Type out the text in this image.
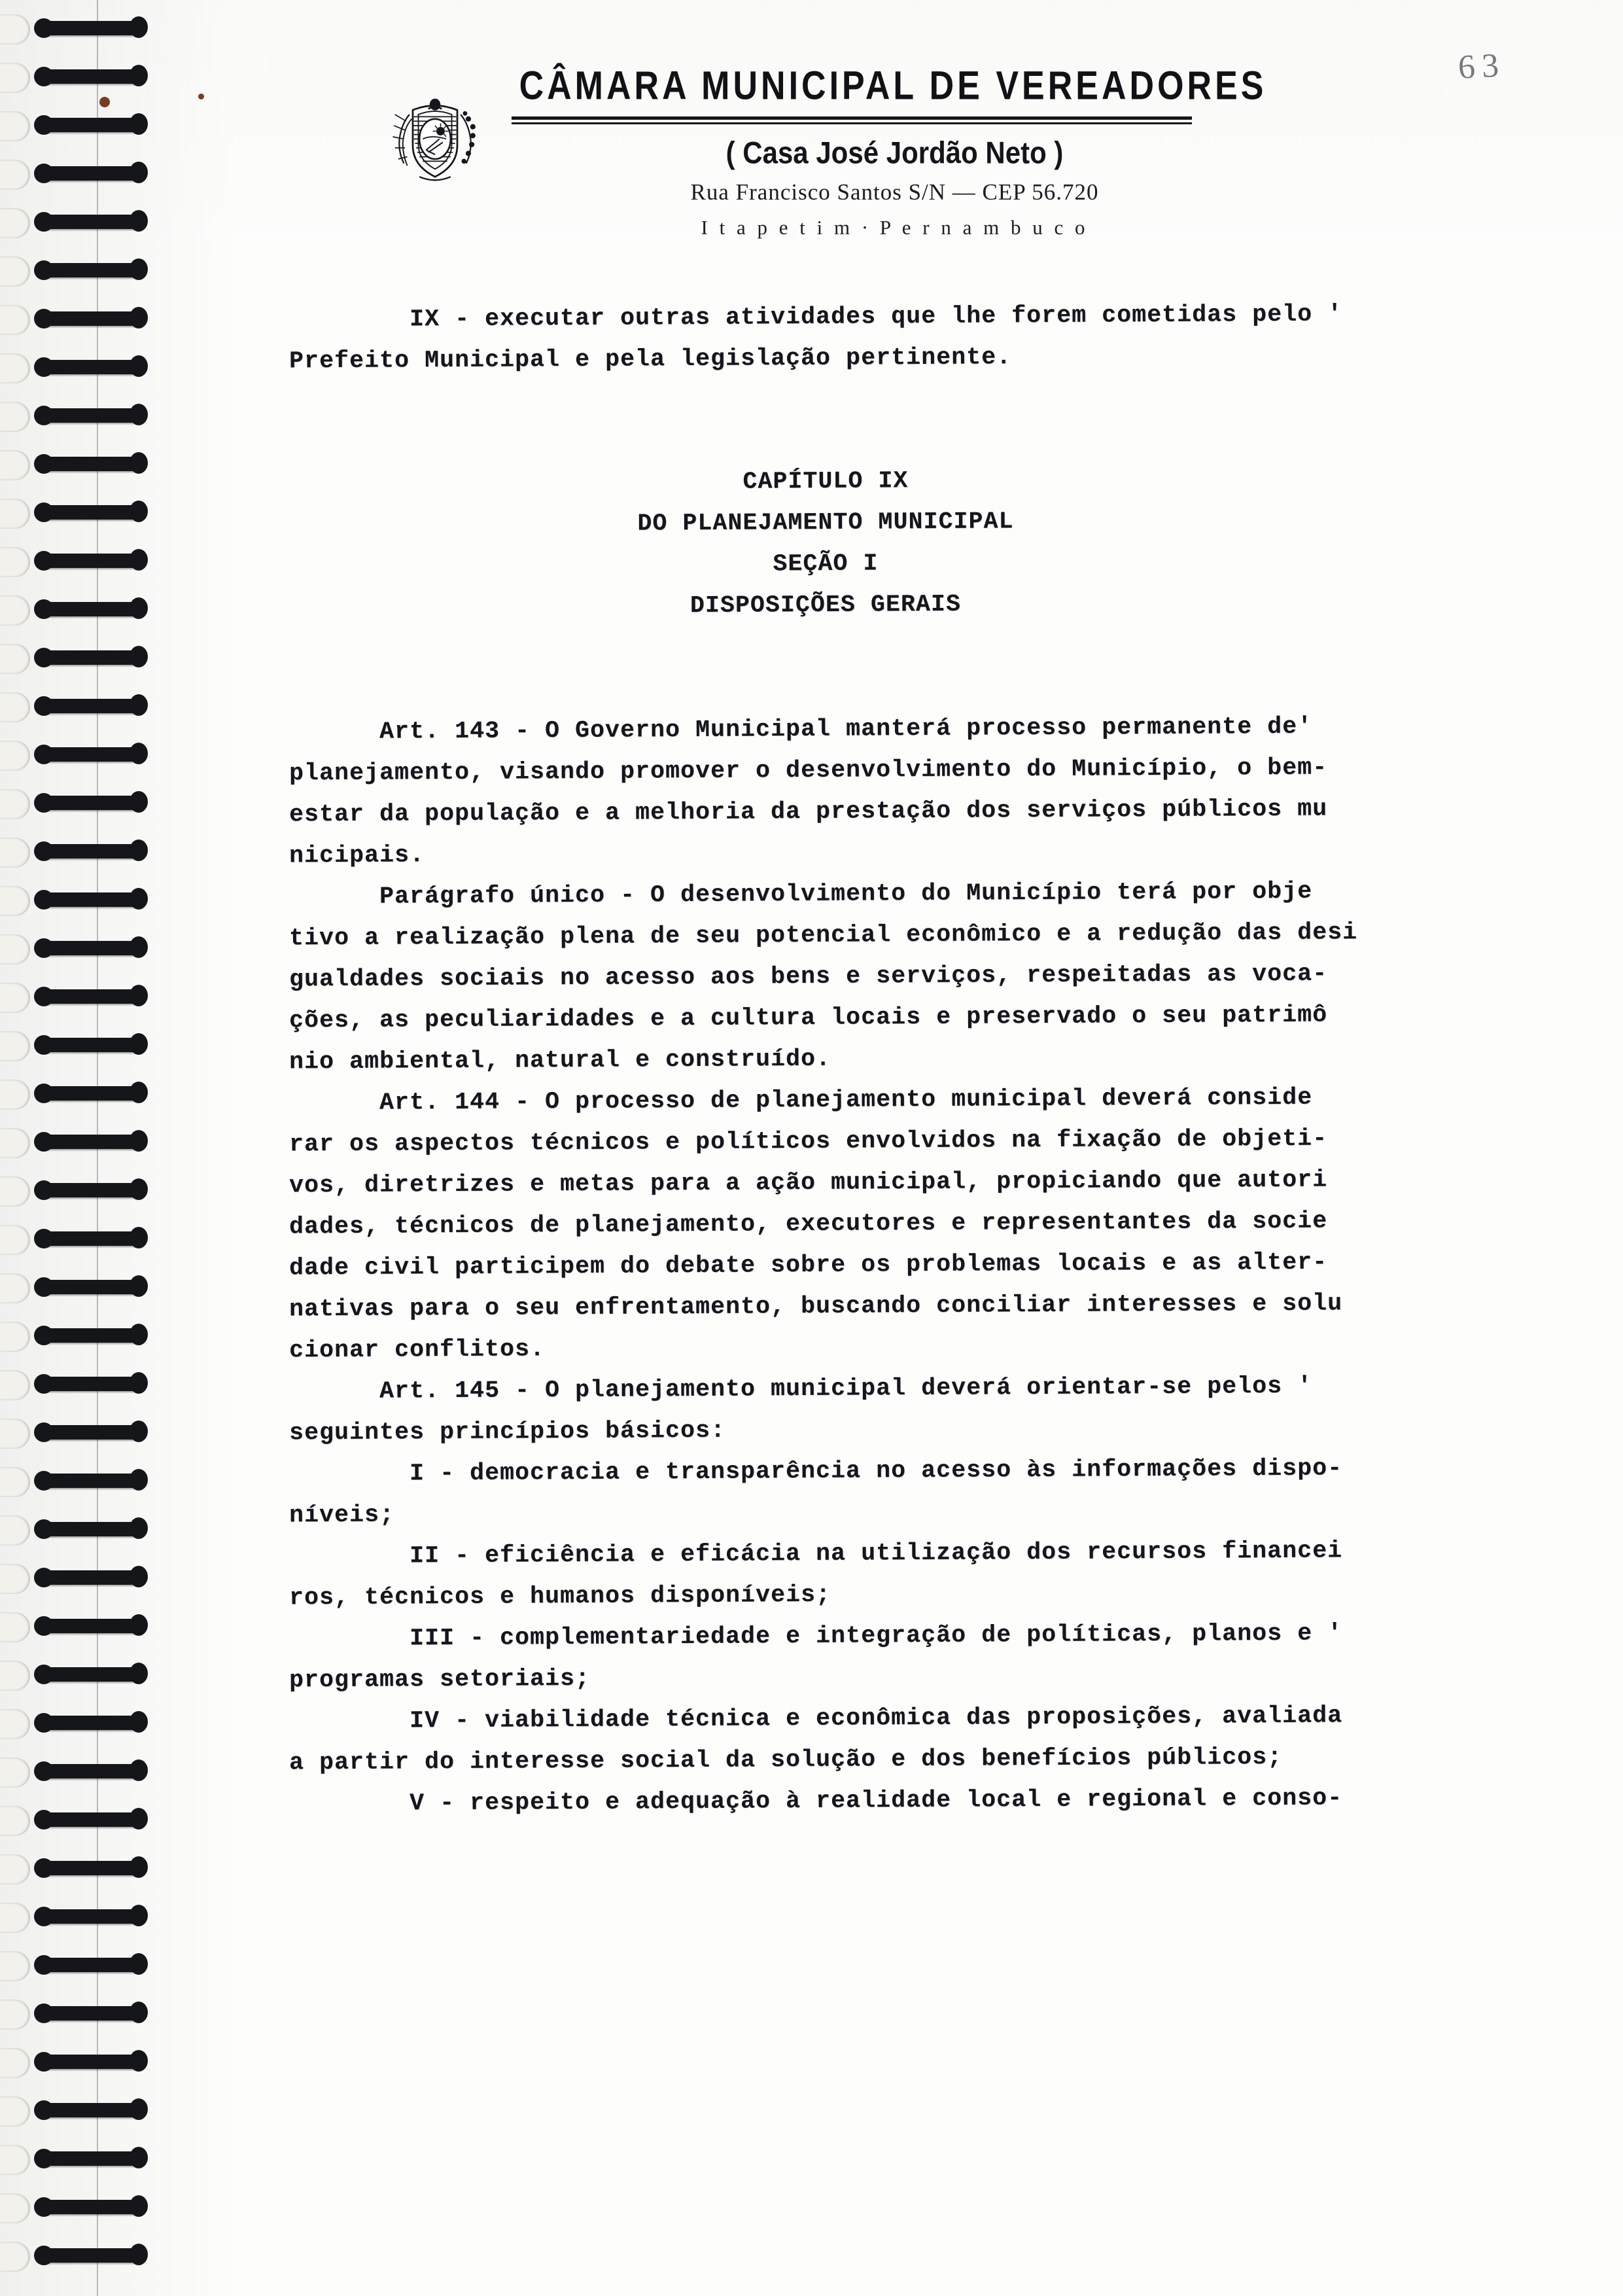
CÂMARA MUNICIPAL DE VEREADORES
( Casa José Jordão Neto )
Rua Francisco Santos S/N — CEP 56.720
I t a p e t i m · P e r n a m b u c o
63
IX - executar outras atividades que lhe forem cometidas pelo '
Prefeito Municipal e pela legislação pertinente.

CAPÍTULO IX
DO PLANEJAMENTO MUNICIPAL
SEÇÃO I
DISPOSIÇÕES GERAIS

Art. 143 - O Governo Municipal manterá processo permanente de'
planejamento, visando promover o desenvolvimento do Município, o bem-
estar da população e a melhoria da prestação dos serviços públicos mu
nicipais.
Parágrafo único - O desenvolvimento do Município terá por obje
tivo a realização plena de seu potencial econômico e a redução das desi
gualdades sociais no acesso aos bens e serviços, respeitadas as voca-
ções, as peculiaridades e a cultura locais e preservado o seu patrimô
nio ambiental, natural e construído.
Art. 144 - O processo de planejamento municipal deverá conside
rar os aspectos técnicos e políticos envolvidos na fixação de objeti-
vos, diretrizes e metas para a ação municipal, propiciando que autori
dades, técnicos de planejamento, executores e representantes da socie
dade civil participem do debate sobre os problemas locais e as alter-
nativas para o seu enfrentamento, buscando conciliar interesses e solu
cionar conflitos.
Art. 145 - O planejamento municipal deverá orientar-se pelos '
seguintes princípios básicos:
I - democracia e transparência no acesso às informações dispo-
níveis;
II - eficiência e eficácia na utilização dos recursos financei
ros, técnicos e humanos disponíveis;
III - complementariedade e integração de políticas, planos e '
programas setoriais;
IV - viabilidade técnica e econômica das proposições, avaliada
a partir do interesse social da solução e dos benefícios públicos;
V - respeito e adequação à realidade local e regional e conso-
